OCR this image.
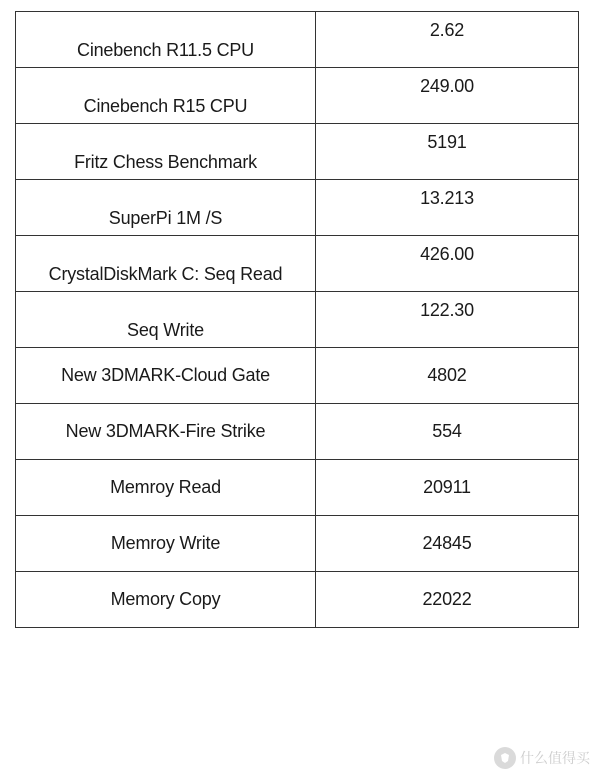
Cinebench R11.5 CPU	2.62

Cinebench R15 CPU	249.00

Fritz Chess Benchmark	5191

SuperPi 1M /S	13.213

CrystalDiskMark C: Seq Read	426.00

Seq Write	122.30

New 3DMARK-Cloud Gate	4802

New 3DMARK-Fire Strike	554

Memroy Read	20911

Memroy Write	24845

Memory Copy	22022
什么值得买
